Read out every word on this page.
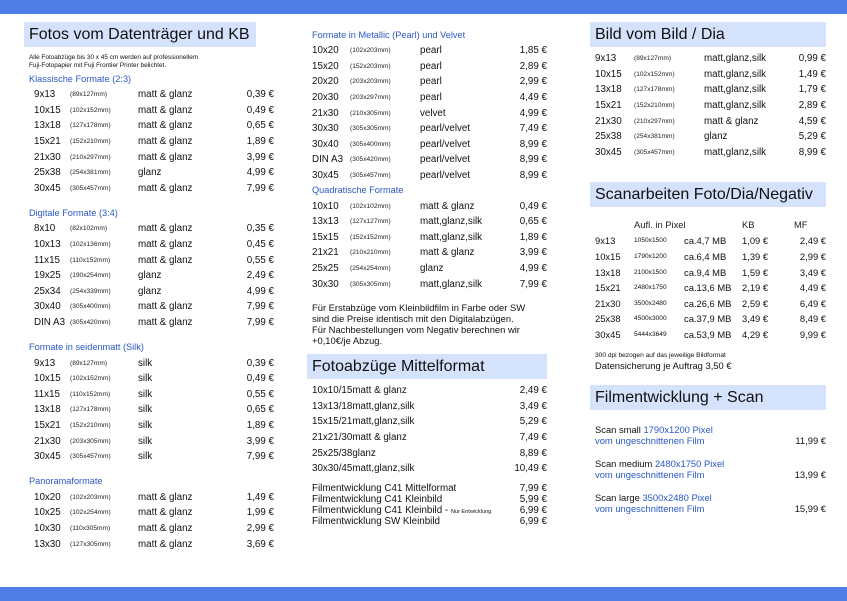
Fotos vom Datenträger und KB
Alle Fotoabzüge bis 30 x 45 cm werden auf professionellem
Fuji-Fotopapier mit Fuji Frontier Printer belichtet.
Klassische Formate (2:3)
9x13	(89x127mm)	matt & glanz	0,39 €
10x15	(102x152mm)	matt & glanz	0,49 €
13x18	(127x178mm)	matt & glanz	0,65 €
15x21	(152x210mm)	matt & glanz	1,89 €
21x30	(210x297mm)	matt & glanz	3,99 €
25x38	(254x381mm)	glanz	4,99 €
30x45	(305x457mm)	matt & glanz	7,99 €
Digitale Formate (3:4)
8x10	(82x102mm)	matt & glanz	0,35 €
10x13	(102x136mm)	matt & glanz	0,45 €
11x15	(110x152mm)	matt & glanz	0,55 €
19x25	(190x254mm)	glanz	2,49 €
25x34	(254x339mm)	glanz	4,99 €
30x40	(305x400mm)	matt & glanz	7,99 €
DIN A3	(305x420mm)	matt & glanz	7,99 €
Formate in seidenmatt (Silk)
9x13	(89x127mm)	silk	0,39 €
10x15	(102x152mm)	silk	0,49 €
11x15	(110x152mm)	silk	0,55 €
13x18	(127x178mm)	silk	0,65 €
15x21	(152x210mm)	silk	1,89 €
21x30	(203x305mm)	silk	3,99 €
30x45	(305x457mm)	silk	7,99 €
Panoramaformate
10x20	(102x203mm)	matt & glanz	1,49 €
10x25	(102x254mm)	matt & glanz	1,99 €
10x30	(110x305mm)	matt & glanz	2,99 €
13x30	(127x305mm)	matt & glanz	3,69 €
Formate in Metallic (Pearl) und Velvet
10x20	(102x203mm)	pearl	1,85 €
15x20	(152x203mm)	pearl	2,89 €
20x20	(203x203mm)	pearl	2,99 €
20x30	(203x297mm)	pearl	4,49 €
21x30	(210x305mm)	velvet	4,99 €
30x30	(305x305mm)	pearl/velvet	7,49 €
30x40	(305x400mm)	pearl/velvet	8,99 €
DIN A3	(305x420mm)	pearl/velvet	8,99 €
30x45	(305x457mm)	pearl/velvet	8,99 €
Quadratische Formate
10x10	(102x102mm)	matt & glanz	0,49 €
13x13	(127x127mm)	matt,glanz,silk	0,65 €
15x15	(152x152mm)	matt,glanz,silk	1,89 €
21x21	(210x210mm)	matt & glanz	3,99 €
25x25	(254x254mm)	glanz	4,99 €
30x30	(305x305mm)	matt,glanz,silk	7,99 €
Für Erstabzüge vom Kleinbildfilm in Farbe oder SW
sind die Preise identisch mit den Digitalabzügen.
Für Nachbestellungen vom Negativ berechnen wir
+0,10€/je Abzug.
Fotoabzüge Mittelformat
10x10/15	matt & glanz	2,49 €
13x13/18	matt,glanz,silk	3,49 €
15x15/21	matt,glanz,silk	5,29 €
21x21/30	matt & glanz	7,49 €
25x25/38	glanz	8,89 €
30x30/45	matt,glanz,silk	10,49 €
Filmentwicklung C41 Mittelformat	7,99 €
Filmentwicklung C41 Kleinbild	5,99 €
Filmentwicklung C41 Kleinbild - Nur Entwicklung	6,99 €
Filmentwicklung SW Kleinbild	6,99 €
Bild vom Bild / Dia
9x13	(89x127mm)	matt,glanz,silk	0,99 €
10x15	(102x152mm)	matt,glanz,silk	1,49 €
13x18	(127x178mm)	matt,glanz,silk	1,79 €
15x21	(152x210mm)	matt,glanz,silk	2,89 €
21x30	(210x297mm)	matt & glanz	4,59 €
25x38	(254x381mm)	glanz	5,29 €
30x45	(305x457mm)	matt,glanz,silk	8,99 €
Scanarbeiten Foto/Dia/Negativ
	Aufl. in Pixel		KB	MF
9x13	1050x1500	ca.4,7 MB	1,09 €	2,49 €
10x15	1790x1200	ca.6,4 MB	1,39 €	2,99 €
13x18	2100x1500	ca.9,4 MB	1,59 €	3,49 €
15x21	2480x1750	ca.13,6 MB	2,19 €	4,49 €
21x30	3500x2480	ca.26,6 MB	2,59 €	6,49 €
25x38	4500x3000	ca.37,9 MB	3,49 €	8,49 €
30x45	5444x3649	ca.53,9 MB	4,29 €	9,99 €
300 dpi bezogen auf das jeweilige Bildformat
Datensicherung je Auftrag 3,50 €
Filmentwicklung + Scan
Scan small 1790x1200 Pixel
vom ungeschnittenen Film	11,99 €
Scan medium 2480x1750 Pixel
vom ungeschnittenen Film	13,99 €
Scan large 3500x2480 Pixel
vom ungeschnittenen Film	15,99 €
